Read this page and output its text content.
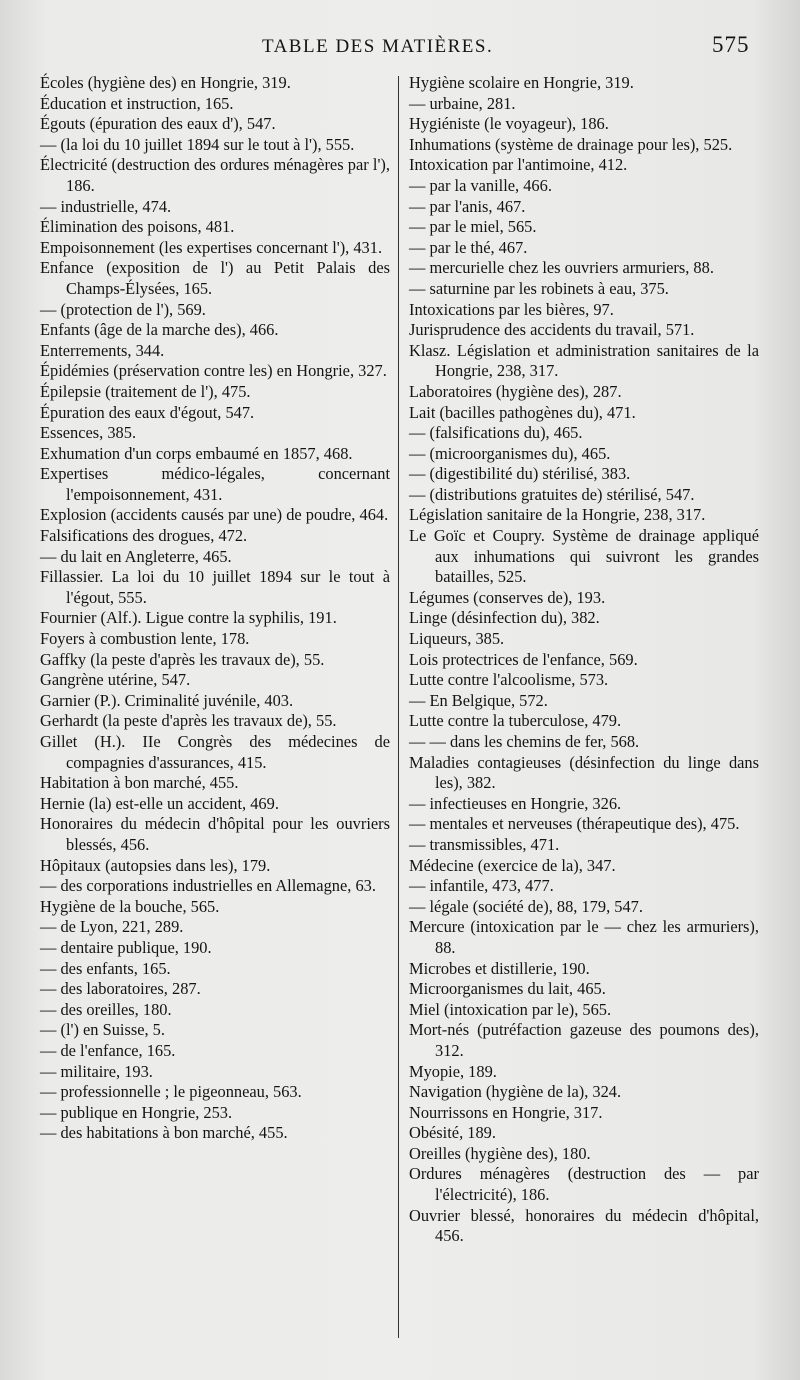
TABLE DES MATIÈRES.	575

Écoles (hygiène des) en Hongrie, 319.

Éducation et instruction, 165.

Égouts (épuration des eaux d'), 547.

— (la loi du 10 juillet 1894 sur le tout à l'), 555.

Électricité (destruction des ordures ménagères par l'), 186.

— industrielle, 474.

Élimination des poisons, 481.

Empoisonnement (les expertises concernant l'), 431.

Enfance (exposition de l') au Petit Palais des Champs-Élysées, 165.

— (protection de l'), 569.

Enfants (âge de la marche des), 466.

Enterrements, 344.

Épidémies (préservation contre les) en Hongrie, 327.

Épilepsie (traitement de l'), 475.

Épuration des eaux d'égout, 547.

Essences, 385.

Exhumation d'un corps embaumé en 1857, 468.

Expertises médico-légales, concernant l'empoisonnement, 431.

Explosion (accidents causés par une) de poudre, 464.

Falsifications des drogues, 472.

— du lait en Angleterre, 465.

Fillassier. La loi du 10 juillet 1894 sur le tout à l'égout, 555.

Fournier (Alf.). Ligue contre la syphilis, 191.

Foyers à combustion lente, 178.

Gaffky (la peste d'après les travaux de), 55.

Gangrène utérine, 547.

Garnier (P.). Criminalité juvénile, 403.

Gerhardt (la peste d'après les travaux de), 55.

Gillet (H.). IIe Congrès des médecines de compagnies d'assurances, 415.

Habitation à bon marché, 455.

Hernie (la) est-elle un accident, 469.

Honoraires du médecin d'hôpital pour les ouvriers blessés, 456.

Hôpitaux (autopsies dans les), 179.

— des corporations industrielles en Allemagne, 63.

Hygiène de la bouche, 565.

— de Lyon, 221, 289.

— dentaire publique, 190.

— des enfants, 165.

— des laboratoires, 287.

— des oreilles, 180.

— (l') en Suisse, 5.

— de l'enfance, 165.

— militaire, 193.

— professionnelle ; le pigeonneau, 563.

— publique en Hongrie, 253.

— des habitations à bon marché, 455.

Hygiène scolaire en Hongrie, 319.

— urbaine, 281.

Hygiéniste (le voyageur), 186.

Inhumations (système de drainage pour les), 525.

Intoxication par l'antimoine, 412.

— par la vanille, 466.

— par l'anis, 467.

— par le miel, 565.

— par le thé, 467.

— mercurielle chez les ouvriers armuriers, 88.

— saturnine par les robinets à eau, 375.

Intoxications par les bières, 97.

Jurisprudence des accidents du travail, 571.

Klasz. Législation et administration sanitaires de la Hongrie, 238, 317.

Laboratoires (hygiène des), 287.

Lait (bacilles pathogènes du), 471.

— (falsifications du), 465.

— (microorganismes du), 465.

— (digestibilité du) stérilisé, 383.

— (distributions gratuites de) stérilisé, 547.

Législation sanitaire de la Hongrie, 238, 317.

Le Goïc et Coupry. Système de drainage appliqué aux inhumations qui suivront les grandes batailles, 525.

Légumes (conserves de), 193.

Linge (désinfection du), 382.

Liqueurs, 385.

Lois protectrices de l'enfance, 569.

Lutte contre l'alcoolisme, 573.

— En Belgique, 572.

Lutte contre la tuberculose, 479.

— — dans les chemins de fer, 568.

Maladies contagieuses (désinfection du linge dans les), 382.

— infectieuses en Hongrie, 326.

— mentales et nerveuses (thérapeutique des), 475.

— transmissibles, 471.

Médecine (exercice de la), 347.

— infantile, 473, 477.

— légale (société de), 88, 179, 547.

Mercure (intoxication par le — chez les armuriers), 88.

Microbes et distillerie, 190.

Microorganismes du lait, 465.

Miel (intoxication par le), 565.

Mort-nés (putréfaction gazeuse des poumons des), 312.

Myopie, 189.

Navigation (hygiène de la), 324.

Nourrissons en Hongrie, 317.

Obésité, 189.

Oreilles (hygiène des), 180.

Ordures ménagères (destruction des — par l'électricité), 186.

Ouvrier blessé, honoraires du médecin d'hôpital, 456.
